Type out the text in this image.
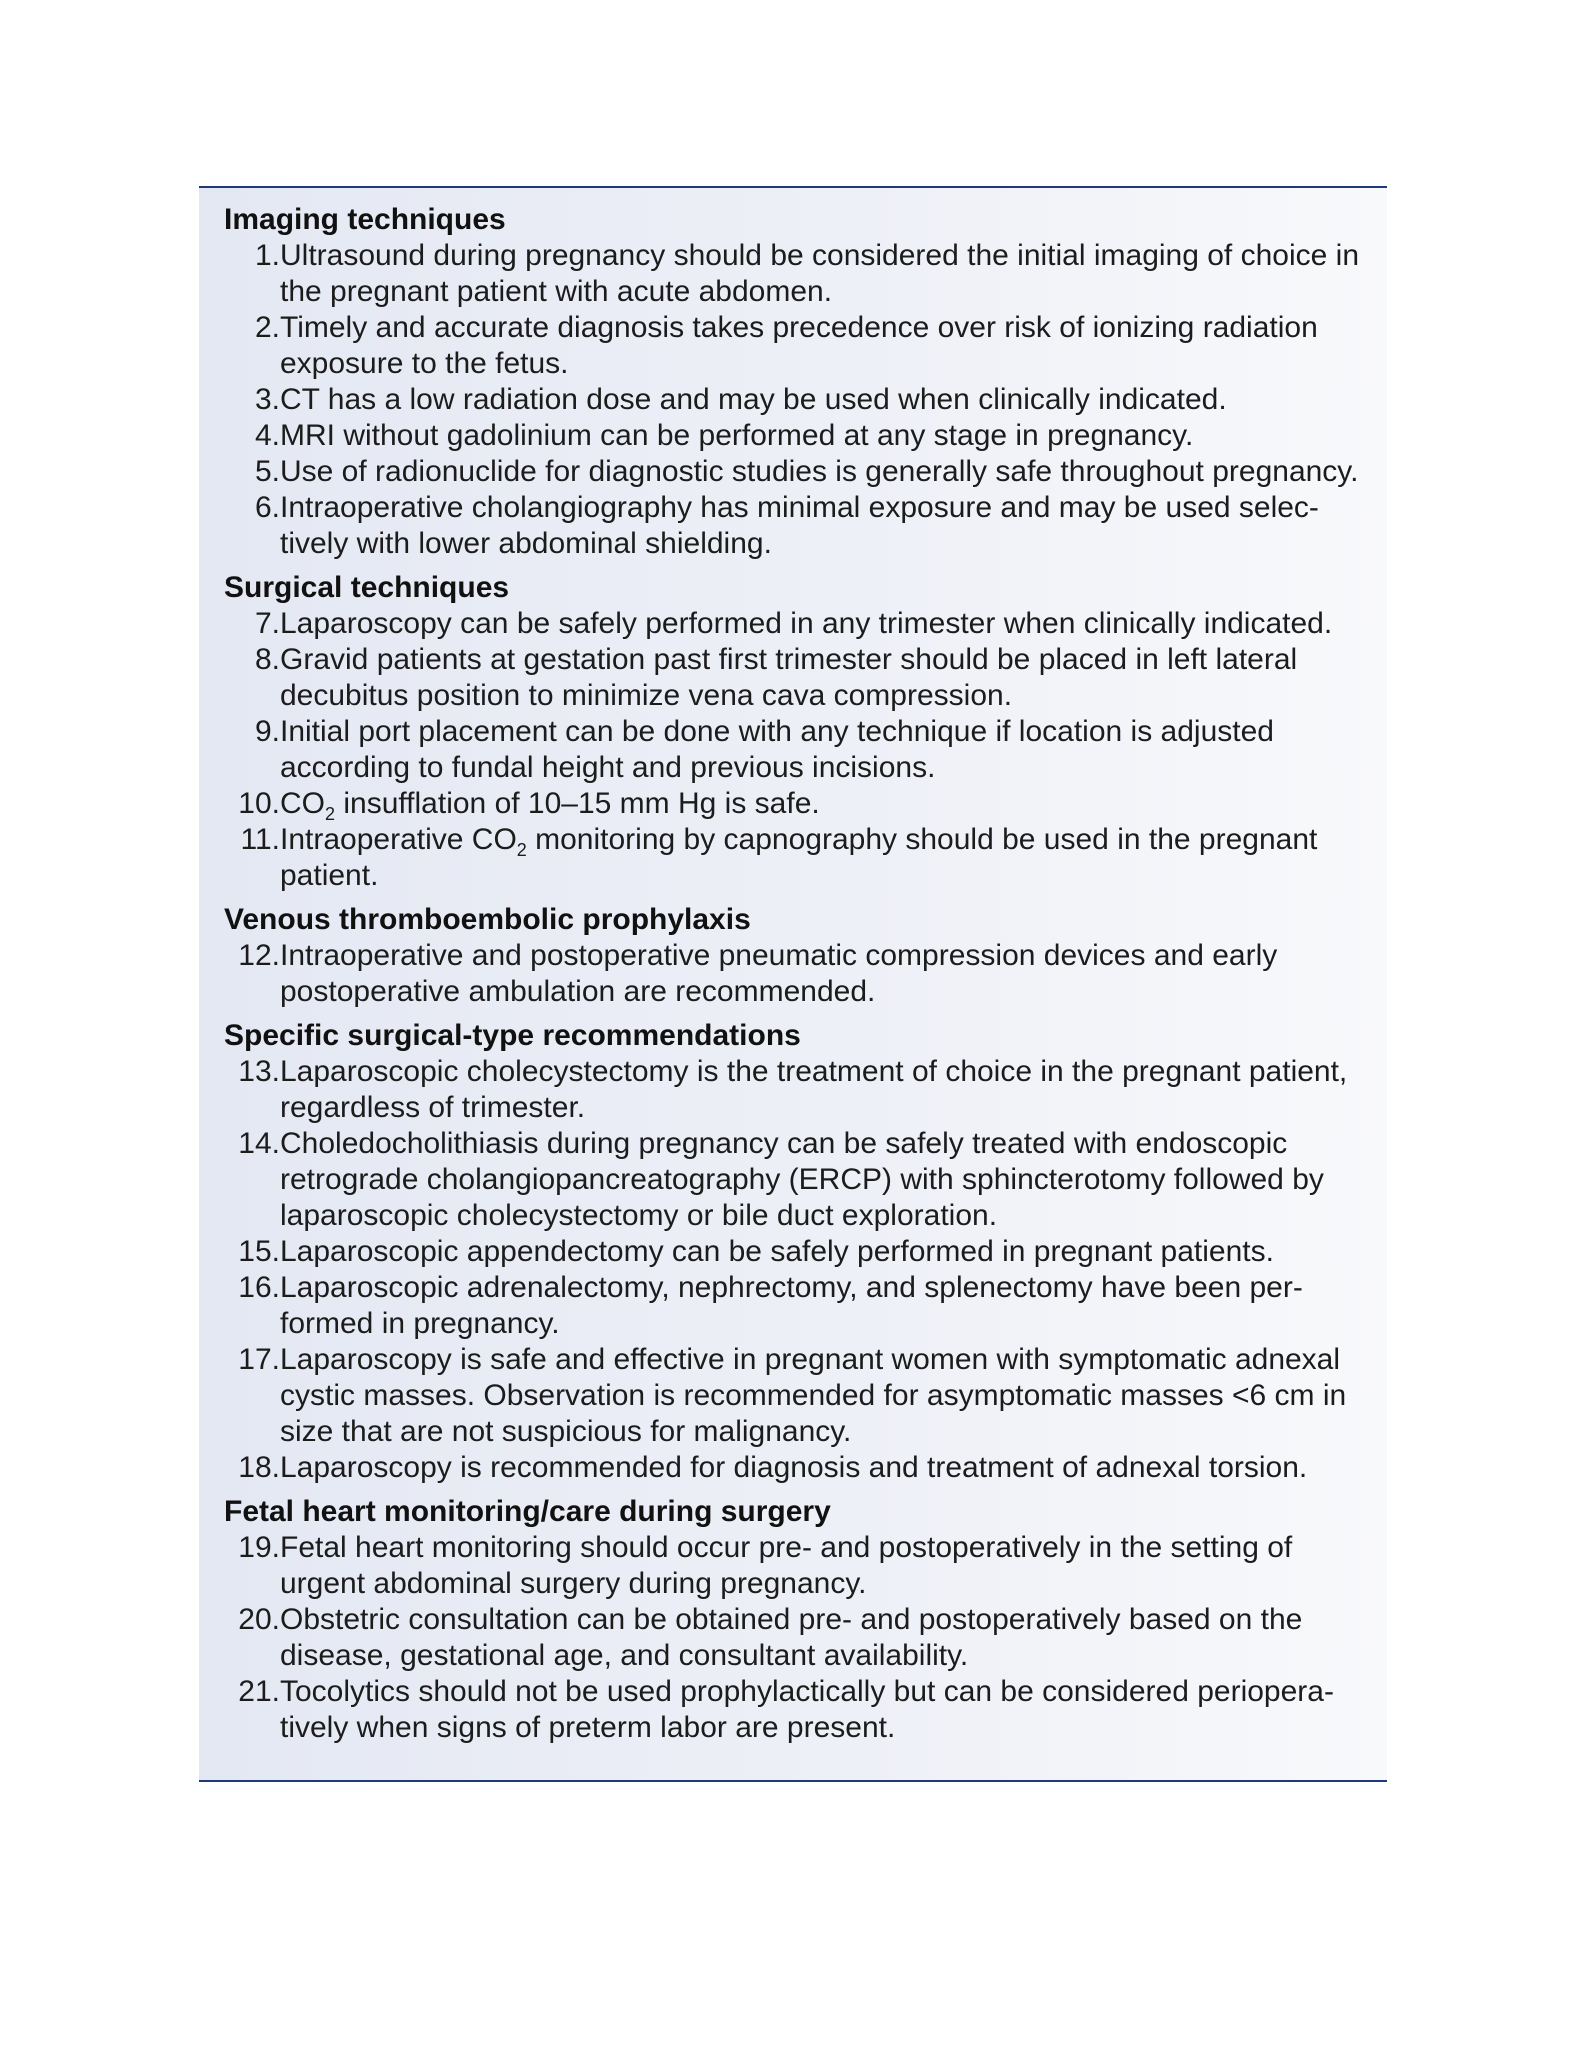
Imaging techniques
1. Ultrasound during pregnancy should be considered the initial imaging of choice in the pregnant patient with acute abdomen.
2. Timely and accurate diagnosis takes precedence over risk of ionizing radiation exposure to the fetus.
3. CT has a low radiation dose and may be used when clinically indicated.
4. MRI without gadolinium can be performed at any stage in pregnancy.
5. Use of radionuclide for diagnostic studies is generally safe throughout pregnancy.
6. Intraoperative cholangiography has minimal exposure and may be used selec-tively with lower abdominal shielding.
Surgical techniques
7. Laparoscopy can be safely performed in any trimester when clinically indicated.
8. Gravid patients at gestation past first trimester should be placed in left lateral decubitus position to minimize vena cava compression.
9. Initial port placement can be done with any technique if location is adjusted according to fundal height and previous incisions.
10. $CO_2$ insufflation of 10–15 mm Hg is safe.
11. Intraoperative $CO_2$ monitoring by capnography should be used in the pregnant patient.
Venous thromboembolic prophylaxis
12. Intraoperative and postoperative pneumatic compression devices and early postoperative ambulation are recommended.
Specific surgical-type recommendations
13. Laparoscopic cholecystectomy is the treatment of choice in the pregnant patient, regardless of trimester.
14. Choledocholithiasis during pregnancy can be safely treated with endoscopic retrograde cholangiopancreatography (ERCP) with sphincterotomy followed by laparoscopic cholecystectomy or bile duct exploration.
15. Laparoscopic appendectomy can be safely performed in pregnant patients.
16. Laparoscopic adrenalectomy, nephrectomy, and splenectomy have been per-formed in pregnancy.
17. Laparoscopy is safe and effective in pregnant women with symptomatic adnexal cystic masses. Observation is recommended for asymptomatic masses <6 cm in size that are not suspicious for malignancy.
18. Laparoscopy is recommended for diagnosis and treatment of adnexal torsion.
Fetal heart monitoring/care during surgery
19. Fetal heart monitoring should occur pre- and postoperatively in the setting of urgent abdominal surgery during pregnancy.
20. Obstetric consultation can be obtained pre- and postoperatively based on the disease, gestational age, and consultant availability.
21. Tocolytics should not be used prophylactically but can be considered periopera-tively when signs of preterm labor are present.
